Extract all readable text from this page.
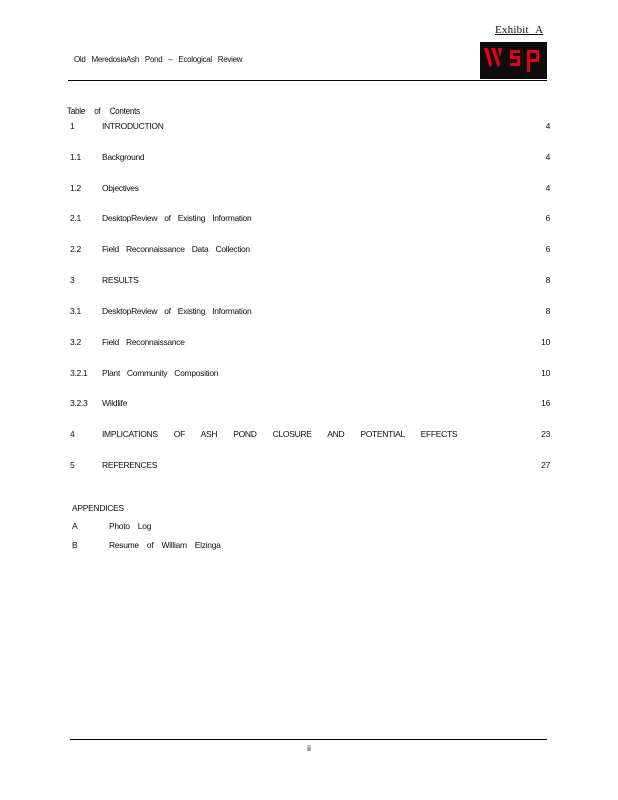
Exhibit A
Old MeredosiaAsh Pond – Ecological Review
Table of Contents
1	INTRODUCTION	4
1.1 Background	4
1.2 Objectives	4
2.1 DesktopReview of Existing Information	6
2.2 Field Reconnaissance Data Collection	6
3	RESULTS	8
3.1 DesktopReview of Existing Information	8
3.2 Field Reconnaissance	10
3.2.1 Plant Community Composition	10
3.2.3 Wildlife	16
4	IMPLICATIONS OF ASH POND CLOSURE AND POTENTIAL EFFECTS	23
5	REFERENCES	27
APPENDICES
A	Photo Log
B	Resume of William Elzinga
ii
